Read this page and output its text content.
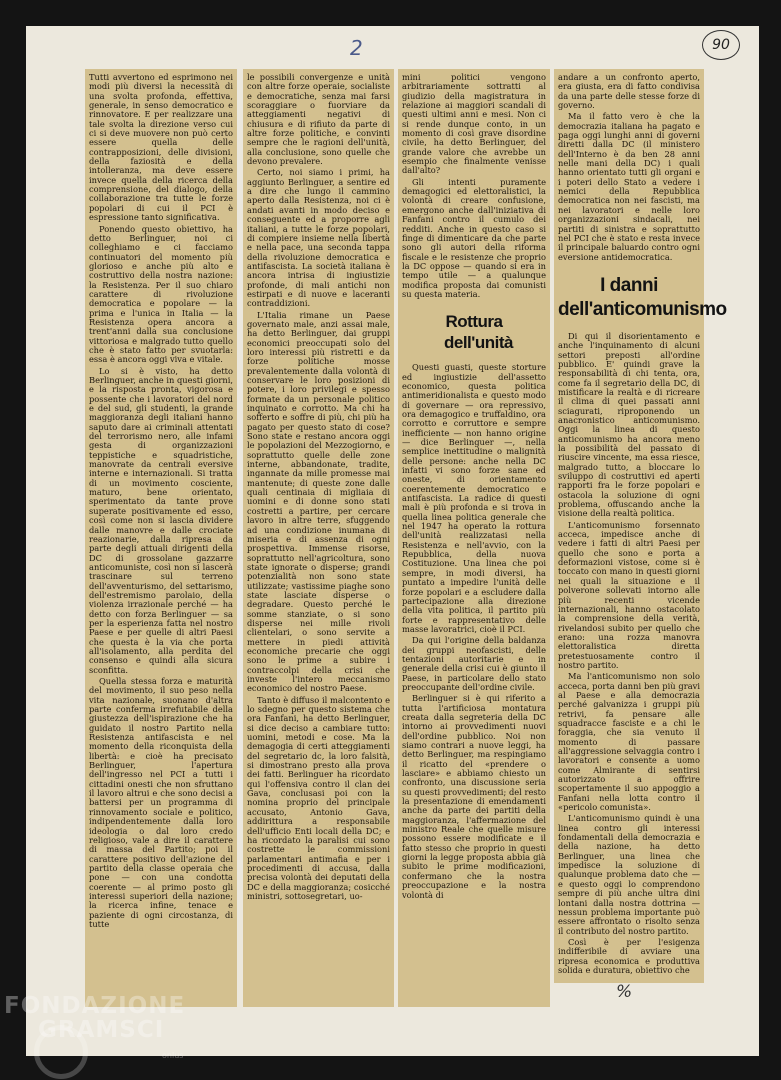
2	90

Tutti avvertono ed esprimono nei modi più diversi la necessità di una svolta profonda, effettiva, generale, in senso democratico e rinnovatore. E per realizzare una tale svolta la direzione verso cui ci si deve muovere non può certo essere quella delle contrapposizioni, delle divisioni, della faziosità e della intolleranza, ma deve essere invece quella della ricerca della comprensione, del dialogo, della collaborazione tra tutte le forze popolari di cui il PCI è espressione tanto significativa.

Ponendo questo obiettivo, ha detto Berlinguer, noi ci colleghiamo e ci facciamo continuatori del momento più glorioso e anche più alto e costruttivo della nostra nazione: la Resistenza. Per il suo chiaro carattere di rivoluzione democratica e popolare — la prima e l'unica in Italia — la Resistenza opera ancora a trent'anni dalla sua conclusione vittoriosa e malgrado tutto quello che è stato fatto per svuotarla: essa è ancora oggi viva e vitale.

Lo si è visto, ha detto Berlinguer, anche in questi giorni, e la risposta pronta, vigorosa e possente che i lavoratori del nord e del sud, gli studenti, la grande maggioranza degli italiani hanno saputo dare ai criminali attentati del terrorismo nero, alle infami gesta di organizzazioni teppistiche e squadristiche, manovrate da centrali eversive interne e internazionali. Si tratta di un movimento cosciente, maturo, bene orientato, sperimentato da tante prove superate positivamente ed esso, così come non si lascia dividere dalle manovre e dalle crociate reazionarie, dalla ripresa da parte degli attuali dirigenti della DC di grossolane gazzarre anticomuniste, così non si lascerà trascinare sul terreno dell'avventurismo, del settarismo, dell'estremismo parolaio, della violenza irrazionale perché — ha detto con forza Berlinguer — sa per la esperienza fatta nel nostro Paese e per quelle di altri Paesi che questa è la via che porta all'isolamento, alla perdita del consenso e quindi alla sicura sconfitta.

Quella stessa forza e maturità del movimento, il suo peso nella vita nazionale, suonano d'altra parte conferma irrefutabile della giustezza dell'ispirazione che ha guidato il nostro Partito nella Resistenza antifascista e nel momento della riconquista della libertà: e cioè ha precisato Berlinguer, l'apertura dell'ingresso nel PCI a tutti i cittadini onesti che non sfruttano il lavoro altrui e che sono decisi a battersi per un programma di rinnovamento sociale e politico, indipendentemente dalla loro ideologia o dal loro credo religioso, vale a dire il carattere di massa del Partito; poi il carattere positivo dell'azione del partito della classe operaia che pone — con una condotta coerente — al primo posto gli interessi superiori della nazione; la ricerca infine, tenace e paziente di ogni circostanza, di tutte

le possibili convergenze e unità con altre forze operaie, socialiste e democratiche, senza mai farsi scoraggiare o fuorviare da atteggiamenti negativi di chiusura e di rifiuto da parte di altre forze politiche, e convinti sempre che le ragioni dell'unità, alla conclusione, sono quelle che devono prevalere.

Certo, noi siamo i primi, ha aggiunto Berlinguer, a sentire ed a dire che lungo il cammino aperto dalla Resistenza, noi ci è andati avanti in modo deciso e conseguente ed a proporre agli italiani, a tutte le forze popolari, di compiere insieme nella libertà e nella pace, una seconda tappa della rivoluzione democratica e antifascista. La società italiana è ancora intrisa di ingiustizie profonde, di mali antichi non estirpati e di nuove e laceranti contraddizioni.

L'Italia rimane un Paese governato male, anzi assai male, ha detto Berlinguer, dai gruppi economici preoccupati solo del loro interessi più ristretti e da forze politiche mosse prevalentemente dalla volontà di conservare le loro posizioni di potere, i loro privilegi e spesso formate da un personale politico inquinato e corrotto. Ma chi ha sofferto e soffre di più, chi più ha pagato per questo stato di cose? Sono state e restano ancora oggi le popolazioni del Mezzogiorno, e soprattutto quelle delle zone interne, abbandonate, tradite, ingannate da mille promesse mai mantenute; di queste zone dalle quali centinaia di migliaia di uomini e di donne sono stati costretti a partire, per cercare lavoro in altre terre, sfuggendo ad una condizione inumana di miseria e di assenza di ogni prospettiva. Immense risorse, soprattutto nell'agricoltura, sono state ignorate o disperse; grandi potenzialità non sono state utilizzate; vastissime piaghe sono state lasciate disperse o degradare. Questo perché le somme stanziate, o si sono disperse nei mille rivoli clientelari, o sono servite a mettere in piedi attività economiche precarie che oggi sono le prime a subire i contraccolpi della crisi che investe l'intero meccanismo economico del nostro Paese.

Tanto è diffuso il malcontento e lo sdegno per questo sistema che ora Fanfani, ha detto Berlinguer, si dice deciso a cambiare tutto: uomini, metodi e cose. Ma la demagogia di certi atteggiamenti del segretario dc, la loro falsità, si dimostrano presto alla prova dei fatti. Berlinguer ha ricordato qui l'offensiva contro il clan dei Gava, conclusasi poi con la nomina proprio del principale accusato, Antonio Gava, addirittura a responsabile dell'ufficio Enti locali della DC; e ha ricordato la paralisi cui sono costrette le commissioni parlamentari antimafia e per i procedimenti di accusa, dalla precisa volontà dei deputati della DC e della maggioranza; cosicché ministri, sottosegretari, uo-

mini politici vengono arbitrariamente sottratti al giudizio della magistratura in relazione ai maggiori scandali di questi ultimi anni e mesi. Non ci si rende dunque conto, in un momento di così grave disordine civile, ha detto Berlinguer, del grande valore che avrebbe un esempio che finalmente venisse dall'alto?

Gli intenti puramente demagogici ed elettoralistici, la volontà di creare confusione, emergono anche dall'iniziativa di Fanfani contro il cumulo dei redditi. Anche in questo caso si finge di dimenticare da che parte sono gli autori della riforma fiscale e le resistenze che proprio la DC oppose — quando si era in tempo utile — a qualunque modifica proposta dai comunisti su questa materia.

Rottura dell'unità

Questi guasti, queste storture ed ingiustizie dell'assetto economico, questa politica antimeridionalista e questo modo di governare — ora repressivo, ora demagogico e truffaldino, ora corrotto e corruttore e sempre inefficiente — non hanno origine — dice Berlinguer —, nella semplice inettitudine o malignità delle persone: anche nella DC infatti vi sono forze sane ed oneste, di orientamento coerentemente democratico e antifascista. La radice di questi mali è più profonda e si trova in quella linea politica generale che nel 1947 ha operato la rottura dell'unità realizzatasi nella Resistenza e nell'avvio, con la Repubblica, della nuova Costituzione. Una linea che poi sempre, in modi diversi, ha puntato a impedire l'unità delle forze popolari e a escludere dalla partecipazione alla direzione della vita politica, il partito più forte e rappresentativo delle masse lavoratrici, cioè il PCI.

Da qui l'origine della baldanza dei gruppi neofascisti, delle tentazioni autoritarie e in generale della crisi cui è giunto il Paese, in particolare dello stato preoccupante dell'ordine civile.

Berlinguer si è qui riferito a tutta l'artificiosa montatura creata dalla segreteria della DC intorno ai provvedimenti nuovi dell'ordine pubblico. Noi non siamo contrari a nuove leggi, ha detto Berlinguer, ma respingiamo il ricatto del «prendere o lasciare» e abbiamo chiesto un confronto, una discussione seria su questi provvedimenti; del resto la presentazione di emendamenti anche da parte dei partiti della maggioranza, l'affermazione del ministro Reale che quelle misure possono essere modificate e il fatto stesso che proprio in questi giorni la legge proposta abbia già subito le prime modificazioni, confermano che la nostra preoccupazione e la nostra volontà di

andare a un confronto aperto, era giusta, era di fatto condivisa da una parte delle stesse forze di governo.

Ma il fatto vero è che la democrazia italiana ha pagato e paga oggi lunghi anni di governi diretti dalla DC (il ministero dell'Interno è da ben 28 anni nelle mani della DC) i quali hanno orientato tutti gli organi e i poteri dello Stato a vedere i nemici della Repubblica democratica non nei fascisti, ma nei lavoratori e nelle loro organizzazioni sindacali, nei partiti di sinistra e soprattutto nel PCI che è stato e resta invece il principale baluardo contro ogni eversione antidemocratica.

I danni dell'anticomunismo

Di qui il disorientamento e anche l'inquinamento di alcuni settori preposti all'ordine pubblico. E' quindi grave la responsabilità di chi tenta, ora, come fa il segretario della DC, di mistificare la realtà e di ricreare il clima di quei passati anni sciagurati, riproponendo un anacronistico anticomunismo. Oggi la linea di questo anticomunismo ha ancora meno la possibilità del passato di riuscire vincente, ma essa riesce, malgrado tutto, a bloccare lo sviluppo di costruttivi ed aperti rapporti fra le forze popolari e ostacola la soluzione di ogni problema, offuscando anche la visione della realtà politica.

L'anticomunismo forsennato acceca, impedisce anche di vedere i fatti di altri Paesi per quello che sono e porta a deformazioni vistose, come si è toccato con mano in questi giorni nei quali la situazione e il polverone sollevati intorno alle più recenti vicende internazionali, hanno ostacolato la comprensione della verità, rivelandosi subito per quello che erano: una rozza manovra elettoralistica diretta pretestuosamente contro il nostro partito.

Ma l'anticomunismo non solo acceca, porta danni ben più gravi al Paese e alla democrazia perché galvanizza i gruppi più retrivi, fa pensare alle squadracce fasciste e a chi le foraggia, che sia venuto il momento di passare all'aggressione selvaggia contro i lavoratori e consente a uomo come Almirante di sentirsi autorizzato a offrire scopertamente il suo appoggio a Fanfani nella lotta contro il «pericolo comunista».

L'anticomunismo quindi è una linea contro gli interessi fondamentali della democrazia e della nazione, ha detto Berlinguer, una linea che impedisce la soluzione di qualunque problema dato che — e questo oggi lo comprendono sempre di più anche ultra dini lontani dalla nostra dottrina — nessun problema importante può essere affrontato o risolto senza il contributo del nostro partito.

Così è per l'esigenza indifferibile di avviare una ripresa economica e produttiva solida e duratura, obiettivo che

%
FONDAZIONE
GRAMSCI
onlus
